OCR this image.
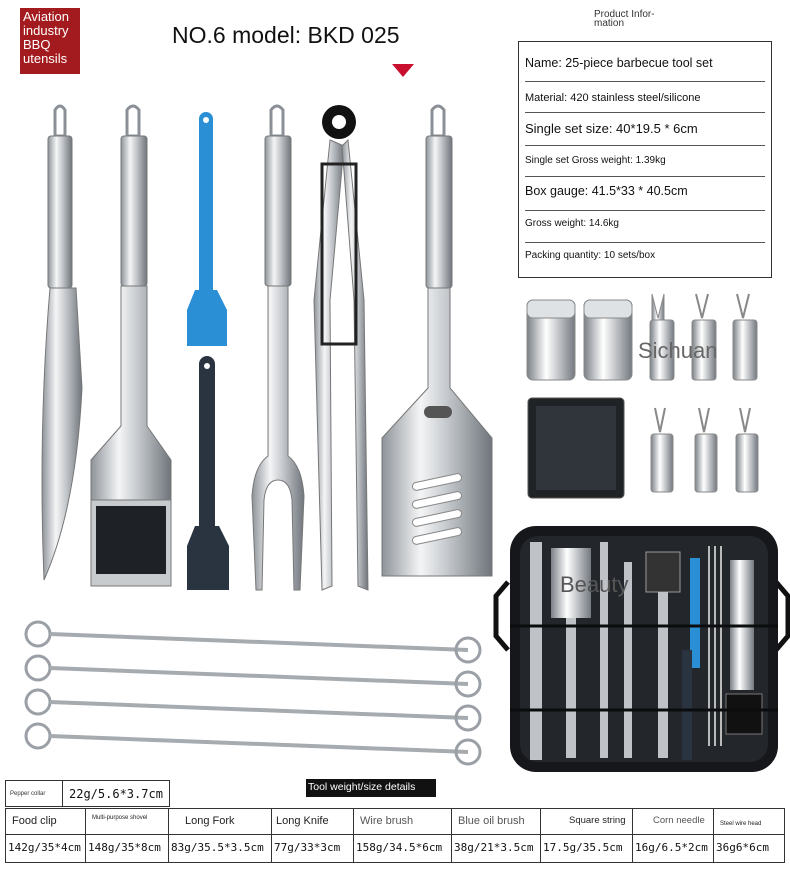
Aviation
industry
BBQ
utensils
NO.6 model: BKD 025
Product Infor-mation
Name: 25-piece barbecue tool set
Material: 420 stainless steel/silicone
Single set size: 40*19.5 * 6cm
Single set Gross weight: 1.39kg
Box gauge: 41.5*33 * 40.5cm
Gross weight: 14.6kg
Packing quantity: 10 sets/box
Sichuan
Beauty
Tool weight/size details
Pepper collar	22g/5.6*3.7cm
Food clip	Multi-purpose shovel	Long Fork	Long Knife	Wire brush	Blue oil brush	Square string	Corn needle	Steel wire head
142g/35*4cm 148g/35*8cm 83g/35.5*3.5cm 77g/33*3cm	158g/34.5*6cm	38g/21*3.5cm 17.5g/35.5cm	16g/6.5*2cm 36g6*6cm
